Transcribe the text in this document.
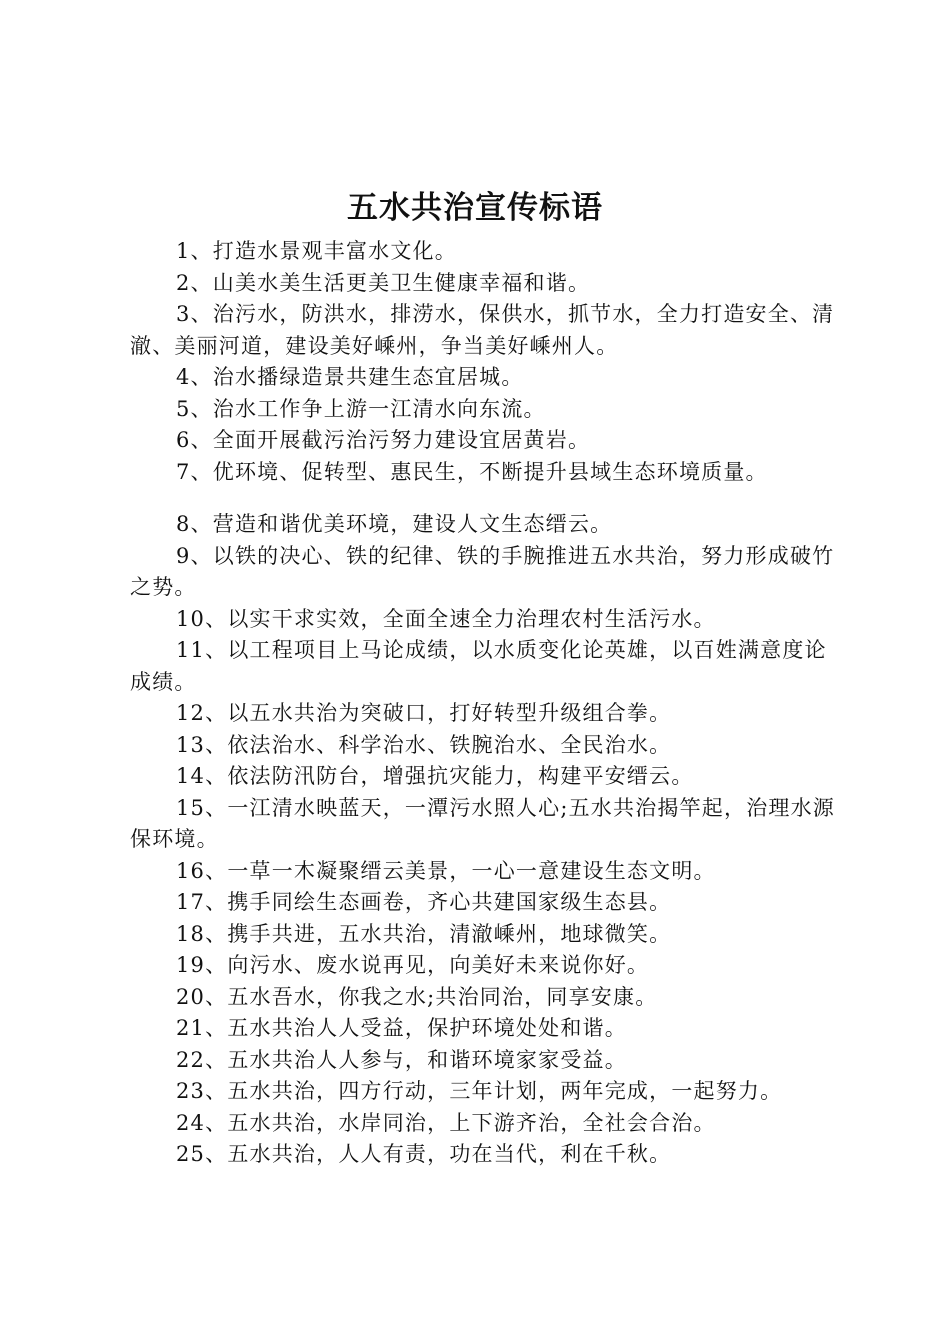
五水共治宣传标语

1、打造水景观丰富水文化。

2、山美水美生活更美卫生健康幸福和谐。

3、治污水，防洪水，排涝水，保供水，抓节水，全力打造安全、清澈、美丽河道，建设美好嵊州，争当美好嵊州人。

4、治水播绿造景共建生态宜居城。

5、治水工作争上游一江清水向东流。

6、全面开展截污治污努力建设宜居黄岩。

7、优环境、促转型、惠民生，不断提升县域生态环境质量。

8、营造和谐优美环境，建设人文生态缙云。

9、以铁的决心、铁的纪律、铁的手腕推进五水共治，努力形成破竹之势。

10、以实干求实效，全面全速全力治理农村生活污水。

11、以工程项目上马论成绩，以水质变化论英雄，以百姓满意度论成绩。

12、以五水共治为突破口，打好转型升级组合拳。

13、依法治水、科学治水、铁腕治水、全民治水。

14、依法防汛防台，增强抗灾能力，构建平安缙云。

15、一江清水映蓝天，一潭污水照人心;五水共治揭竿起，治理水源保环境。

16、一草一木凝聚缙云美景，一心一意建设生态文明。

17、携手同绘生态画卷，齐心共建国家级生态县。

18、携手共进，五水共治，清澈嵊州，地球微笑。

19、向污水、废水说再见，向美好未来说你好。

20、五水吾水，你我之水;共治同治，同享安康。

21、五水共治人人受益，保护环境处处和谐。

22、五水共治人人参与，和谐环境家家受益。

23、五水共治，四方行动，三年计划，两年完成，一起努力。

24、五水共治，水岸同治，上下游齐治，全社会合治。

25、五水共治，人人有责，功在当代，利在千秋。
